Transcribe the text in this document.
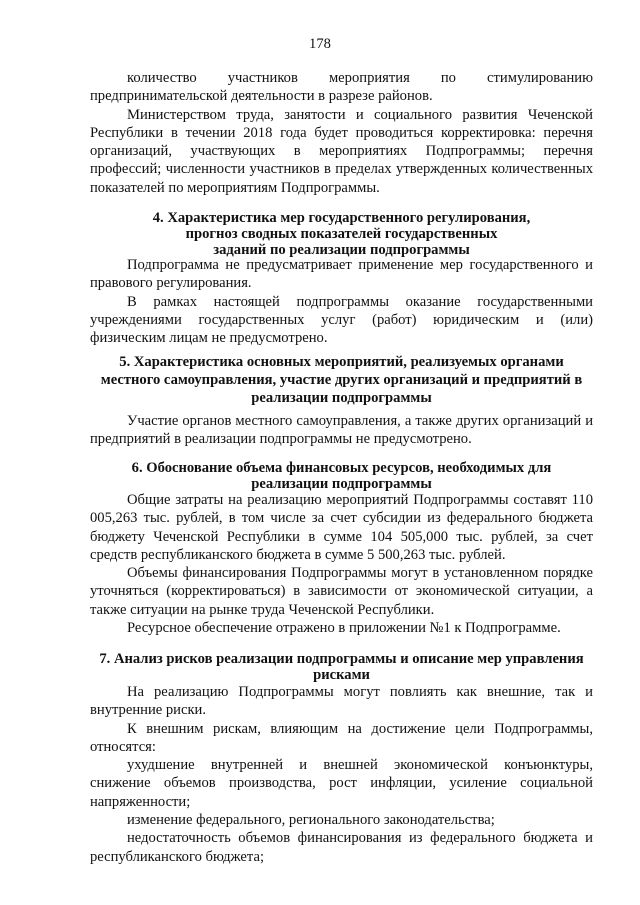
178

количество участников мероприятия по стимулированию предпринимательской деятельности в разрезе районов.

Министерством труда, занятости и социального развития Чеченской Республики в течении 2018 года будет проводиться корректировка: перечня организаций, участвующих в мероприятиях Подпрограммы; перечня профессий; численности участников в пределах утвержденных количественных показателей по мероприятиям Подпрограммы.

4. Характеристика мер государственного регулирования,
прогноз сводных показателей государственных
заданий по реализации подпрограммы

Подпрограмма не предусматривает применение мер государственного и правового регулирования.

В рамках настоящей подпрограммы оказание государственными учреждениями государственных услуг (работ) юридическим и (или) физическим лицам не предусмотрено.

5. Характеристика основных мероприятий, реализуемых органами
местного самоуправления, участие других организаций и предприятий в
реализации подпрограммы

Участие органов местного самоуправления, а также других организаций и предприятий в реализации подпрограммы не предусмотрено.

6. Обоснование объема финансовых ресурсов, необходимых для
реализации подпрограммы

Общие затраты на реализацию мероприятий Подпрограммы составят 110 005,263 тыс. рублей, в том числе за счет субсидии из федерального бюджета бюджету Чеченской Республики в сумме 104 505,000 тыс. рублей, за счет средств республиканского бюджета в сумме 5 500,263 тыс. рублей.

Объемы финансирования Подпрограммы могут в установленном порядке уточняться (корректироваться) в зависимости от экономической ситуации, а также ситуации на рынке труда Чеченской Республики.

Ресурсное обеспечение отражено в приложении №1 к Подпрограмме.

7. Анализ рисков реализации подпрограммы и описание мер управления
рисками

На реализацию Подпрограммы могут повлиять как внешние, так и внутренние риски.

К внешним рискам, влияющим на достижение цели Подпрограммы, относятся:

ухудшение внутренней и внешней экономической конъюнктуры, снижение объемов производства, рост инфляции, усиление социальной напряженности;

изменение федерального, регионального законодательства;

недостаточность объемов финансирования из федерального бюджета и республиканского бюджета;
